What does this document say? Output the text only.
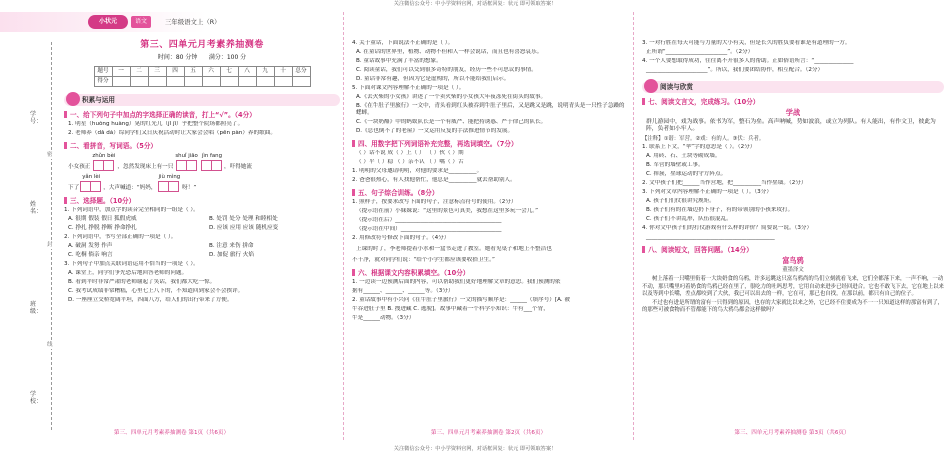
关注微信公众号：中小学资料官网，对话框回复：状元 即可领取答案！
小状元	语文	三年级语文上（R）
学号：
姓名：
班级：
学校：
密
封
线
第三、四单元月考素养抽测卷
时间：80 分钟 满分：100 分
题号	一	二	三	四	五	六	七	八	九	十	总分
得分											
积累与运用
一、给下列句子中加点的字选择正确的读音，打上“√”。（4分）
1. 明星（huǒng huàng）晃的红光几（jǐ jī）乎把整个院场都照亮了。
2. 老师养（dǎ dá）综同学们又日庆祝活动时让大家会会唱（pēn pàn）养的歌曲。
二、看拼音，写词语。（5分）
小女孩正
zhǔn bèi
，忽然发现床上有一只
shuǐ jiāo jìn fang
，吓得她流
下了
yǎn lèi
，大声喊道：“妈妈，
jiù mìng
呀！”
三、选择题。（10分）
1. 下列词语中，加点字的读音完全相同的一组是（ ）。
A. 很期 假装 假日 狐假虎威	B. 处罚 处分 处理 和睦相处
C. 挣扎 挣脱 挣断 挣命挣扎	D. 应该 应用 应该 随机应变
2. 下列词语中，书写全部正确的一项是（ ）。
A. 破洞 发努 作声	B. 注意 来伤 拼命
C. 吃桐 倘亲 响言	D. 加促 旅行 火焰
3. 下列句子中加点关联词语运用不恰当的一项是（ ）。
A. 课堂上，同学们争先恐后地回答老师的问题。
B. 看到平时非常严肃的老师谢起了笑话，我们都大吃一惊。
C. 我考试成绩非常糟糕，心里七上八下的，不知道回到家会不会挨评。
D. 一座座立交桥宽阔平坦，四面八方，给人们的出行带来了方便。
第三、四单元月考素养抽测卷 第1页（共6页）
4. 关于童话，下面说法不正确的是（ ）。
A. 在童话的世界里，植物、动物不但和人一样会说话，而且也有喜怒哀乐。
B. 童话故事中充满了丰富的想象。
C. 阅读童话，我们可以交到很多奇特的朋友，经历一些不可思议的事情。
D. 童话非常有趣，但因为它是虚构的，所以不能给我们启示。
5. 下面对课文内容理解不正确的一项是（ ）。
A.《去火柴的小女孩》讲述了一个卖火柴的小女孩大年夜冻死在街头的故事。
B.《在牛肚子里旅行》一文中，青头看到红头被吞到牛肚子里后，又是跳又是跳，说明青头是一只性子急躁的蟋蟀。
C.《一块奶酪》中的蚂蚁队长是一个有威严、能把持诱惑、严于律己的队长。
D.《总也倒不了的老屋》一文运用反复的手法推进情节的发展。
四、用数字把下列词语补充完整，再选词填空。（7分）
（ ）话不说 成（ ）上（ ） （ ）伙（ ）期
（ ）平（ ）稳 （ ）亲不认 （ ）嘴（ ）舌
1. 明明的父母邀请明明，对他的要求是__________。
2. 爸爸很热心，有人找他帮忙，他总是__________就去帮助别人。
五、句子综合训练。（8分）
1. 照样子，按要求改写下面的句子，注意标点符号的使用。（2分）
（提示语在前）小妹妹说：“这里的景色可真美，我想在这里多玩一会儿。”
（提示语在后）______________________________________
（提示语在中间）____________________________________
2. 用修改符号修改下面的句子。（4分）
上课的时了，李老师提着小水和一盒书走进了教室。她看见桌子和地上不整洁也
不干净，就对同学们说：“给个小学生都应该要收拾卫生。”
六、根据课文内容积累填空。（10分）
1. 一边读一边预测后面的内容，可以帮助我们更好地理解文章的意思。我们预测的依
据有______、______、______等。（3分）
2. 童话故事中有小兴问《在牛肚子里旅行》一文的描写顺序是：______（填序号）[A. 被
牛吞进肚子里 B. 搜进藏 C. 逃脱]。故事中藏着一个科学小知识：牛有___个胃，
牛是______动物。（3分）
第三、四单元月考素养抽测卷 第2页（共6页）
3. 一对行胜在每天可能与力量的大小有关，但是长久的胜负要看谁是有道理的一方。
正所谓“______________________”。（2分）
4. 一个人要想取得成功，往往离不开很多人的帮助。正如俗语所言：“______________
______________________”。所以，我们要团结协作，相互配合。（2分）
阅读与欣赏
七、阅读文言文，完成练习。（10分）
学战
群儿游园中，戏为战事。依书为军，整石为垒。高声呐喊，势如波浪，或立为列队。有人能出，有作文卫，彼此为阵，负者如小牢人。
【注释】①谐：军营。②戏：有的人。③伏：兵者。
1. 联系上下文，“伞”字的意思是（ ）。（2分）
A. 用砖、石、土块等砌成墙。
B. 军营的墙壁或工事。
C. 摔簇，垒球运动的守方阵点。
2. 文中孩子们把______当作营地，把__________当作垒墙。（2分）
3. 下列对文章内容理解不正确的一项是（ ）。（3分）
A. 孩子们们仗很讲究规矩。
B. 孩子们有的在墙边扔下身子，有的带领别的小孩来攻打。
C. 孩子们不讲乱形，队伍很混乱。
4. 你对文中孩子们的打仗游戏有什么样的评价？简要说一说。（3分）
______________________________________________
八、阅读短文，回答问题。（14分）
富鸟鸦
董墨泽文
树上落着一只嘴里衔着一大块奶食的乌鸦，许多远眺这只富鸟鸦尚的鸟们立刻就看飞来，它们全都落下来，一声不响，一动不动，那只嘴里叼着奶食的鸟鸦已经在里了，很吃力的吐吗思考，它用自动来进步已经回进合。它也不敢飞下去，它在地上以来以及等到中长嘴，差点都咬到了大伙，我已可以出去的一样，它在可，那已也自找，在那以前，都只有自己的位子。
不过也有进是所谓的富有一只得到的原因，也存的大家就比以来之外，它已经不住要成为不一一只知道这样的那富有到了，的那些可被食物而不管都能下的鸟大鸦鸟都会这样做吗？
第三、四单元月考素养抽测卷 第3页（共6页）
关注微信公众号：中小学资料官网，对话框回复：状元 即可领取答案！
